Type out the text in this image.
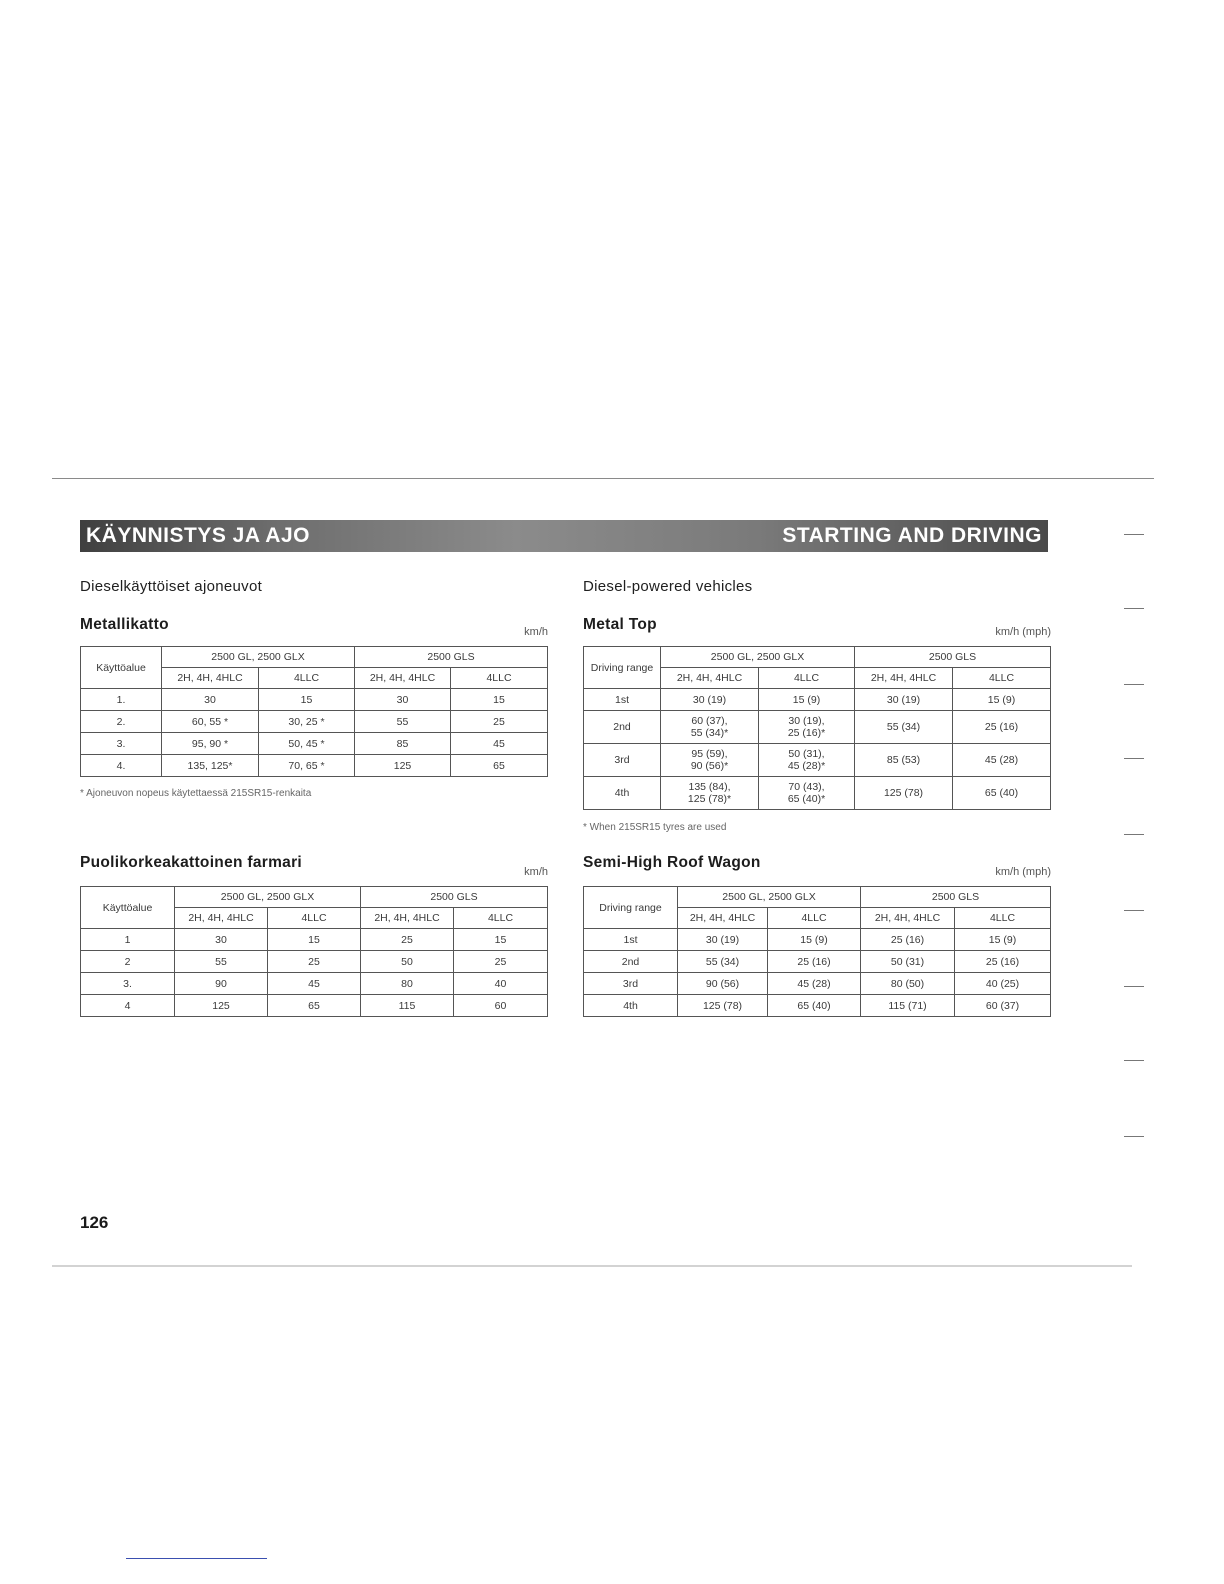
KÄYNNISTYS JA AJO	STARTING AND DRIVING
Dieselkäyttöiset ajoneuvot
Metallikatto	km/h
Käyttöalue	2500 GL, 2500 GLX		2500 GLS	
	2H, 4H, 4HLC	4LLC	2H, 4H, 4HLC	4LLC
1.	30	15	30	15
2.	60, 55 *	30, 25 *	55	25
3.	95, 90 *	50, 45 *	85	45
4.	135, 125*	70, 65 *	125	65
* Ajoneuvon nopeus käytettaessä 215SR15-renkaita
Puolikorkeakattoinen farmari
km/h
Käyttöalue	2500 GL, 2500 GLX		2500 GLS	
	2H, 4H, 4HLC	4LLC	2H, 4H, 4HLC	4LLC
1	30	15	25	15
2	55	25	50	25
3.	90	45	80	40
4	125	65	115	60
Diesel-powered vehicles
Metal Top	km/h (mph)
Driving range	2500 GL, 2500 GLX		2500 GLS	
	2H, 4H, 4HLC	4LLC	2H, 4H, 4HLC	4LLC
1st	30 (19)	15 (9)	30 (19)	15 (9)

2nd	60 (37),
55 (34)*	30 (19),
25 (16)*	55 (34)	25 (16)

3rd	95 (59),
90 (56)*	50 (31),
45 (28)*	85 (53)	45 (28)

4th	135 (84),
125 (78)*	70 (43),
65 (40)*	125 (78)	65 (40)
* When 215SR15 tyres are used
Semi-High Roof Wagon
km/h (mph)
Driving range	2500 GL, 2500 GLX		2500 GLS	
	2H, 4H, 4HLC	4LLC	2H, 4H, 4HLC	4LLC
1st	30 (19)	15 (9)	25 (16)	15 (9)
2nd	55 (34)	25 (16)	50 (31)	25 (16)
3rd	90 (56)	45 (28)	80 (50)	40 (25)
4th	125 (78)	65 (40)	115 (71)	60 (37)
126
